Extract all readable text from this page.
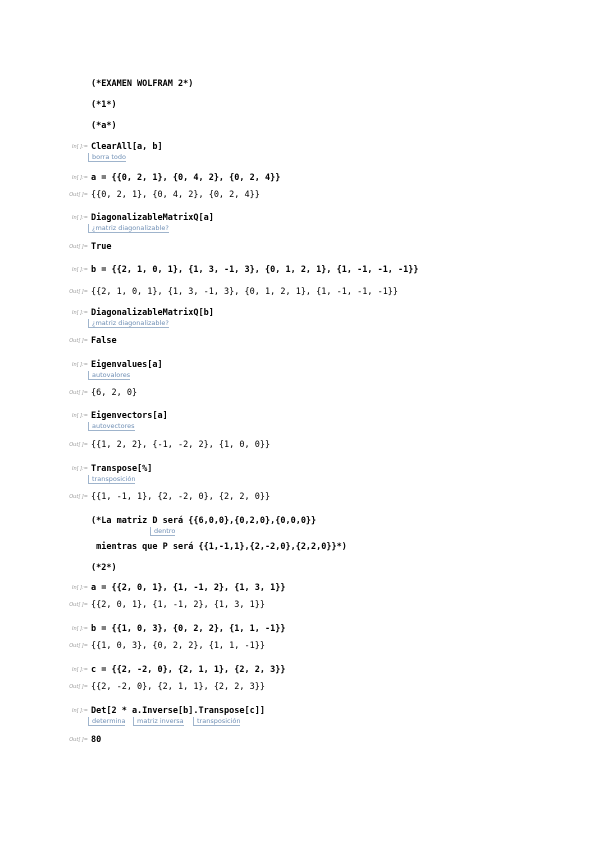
(*EXAMEN WOLFRAM 2*)
(*1*)
(*a*)
In[ ]:= ClearAll[a, b]
borra todo
In[ ]:= a = {{0, 2, 1}, {0, 4, 2}, {0, 2, 4}}
Out[ ]= {{0, 2, 1}, {0, 4, 2}, {0, 2, 4}}
In[ ]:= DiagonalizableMatrixQ[a]
¿matriz diagonalizable?
Out[ ]= True
In[ ]:= b = {{2, 1, 0, 1}, {1, 3, -1, 3}, {0, 1, 2, 1}, {1, -1, -1, -1}}
Out[ ]= {{2, 1, 0, 1}, {1, 3, -1, 3}, {0, 1, 2, 1}, {1, -1, -1, -1}}
In[ ]:= DiagonalizableMatrixQ[b]
¿matriz diagonalizable?
Out[ ]= False
In[ ]:= Eigenvalues[a]
autovalores
Out[ ]= {6, 2, 0}
In[ ]:= Eigenvectors[a]
autovectores
Out[ ]= {{1, 2, 2}, {-1, -2, 2}, {1, 0, 0}}
In[ ]:= Transpose[%]
transposición
Out[ ]= {{1, -1, 1}, {2, -2, 0}, {2, 2, 0}}
(*La matriz D será {{6,0,0},{0,2,0},{0,0,0}}
dentro
mientras que P será {{1,-1,1},{2,-2,0},{2,2,0}}*)
(*2*)
In[ ]:= a = {{2, 0, 1}, {1, -1, 2}, {1, 3, 1}}
Out[ ]= {{2, 0, 1}, {1, -1, 2}, {1, 3, 1}}
In[ ]:= b = {{1, 0, 3}, {0, 2, 2}, {1, 1, -1}}
Out[ ]= {{1, 0, 3}, {0, 2, 2}, {1, 1, -1}}
In[ ]:= c = {{2, -2, 0}, {2, 1, 1}, {2, 2, 3}}
Out[ ]= {{2, -2, 0}, {2, 1, 1}, {2, 2, 3}}
In[ ]:= Det[2 * a.Inverse[b].Transpose[c]]
determina	matriz inversa	transposición
Out[ ]= 80
